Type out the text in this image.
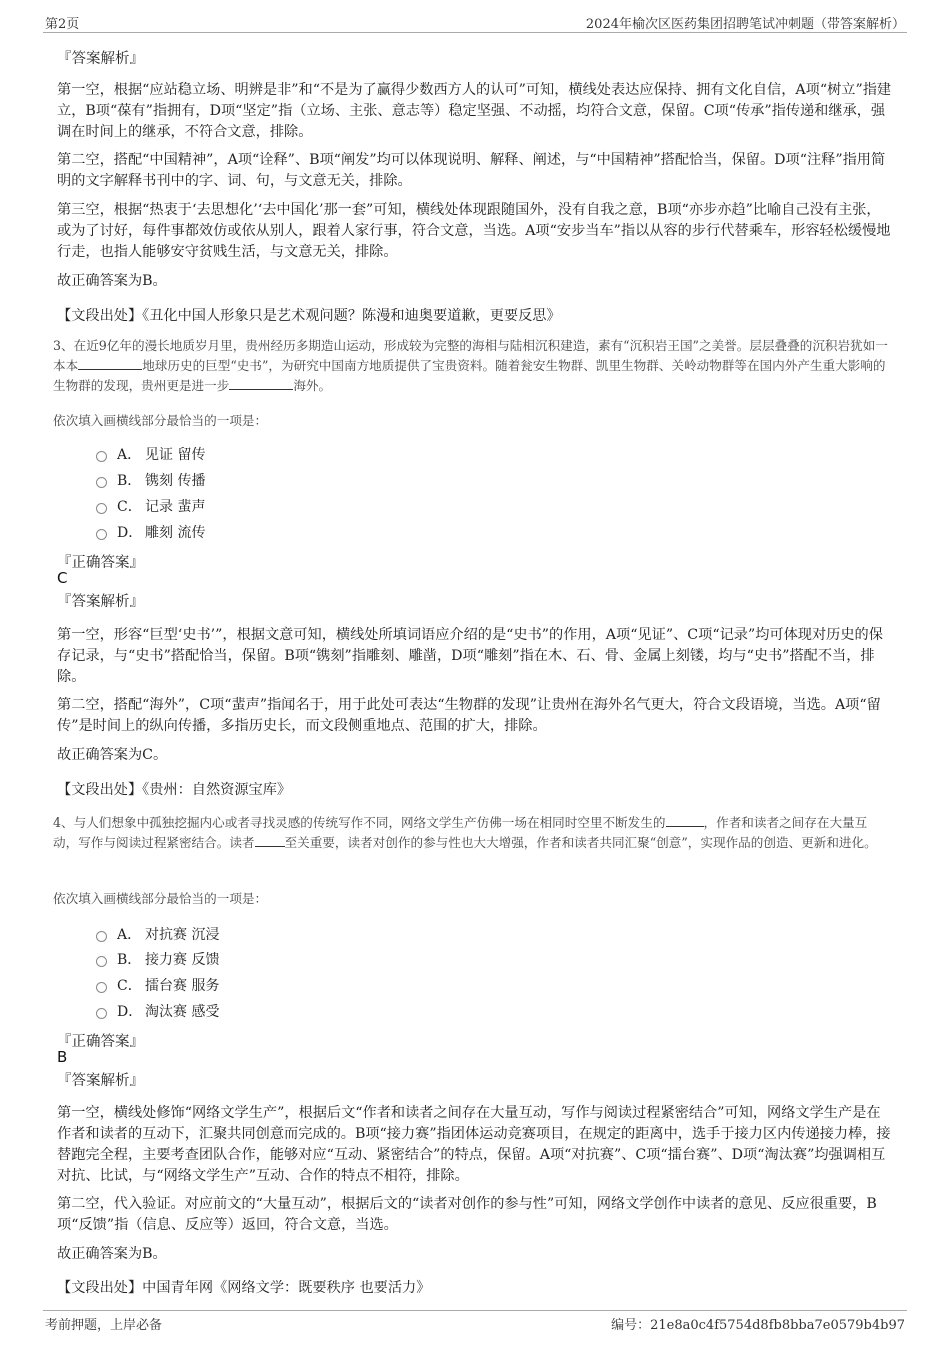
第2页	2024年榆次区医药集团招聘笔试冲刺题（带答案解析）
『答案解析』
第一空，根据“应站稳立场、明辨是非”和“不是为了赢得少数西方人的认可”可知，横线处表达应保持、拥有文化自信，A项“树立”指建立，B项“葆有”指拥有，D项“坚定”指（立场、主张、意志等）稳定坚强、不动摇，均符合文意，保留。C项“传承”指传递和继承，强调在时间上的继承，不符合文意，排除。
第二空，搭配“中国精神”，A项“诠释”、B项“阐发”均可以体现说明、解释、阐述，与“中国精神”搭配恰当，保留。D项“注释”指用简明的文字解释书刊中的字、词、句，与文意无关，排除。
第三空，根据“热衷于‘去思想化’‘去中国化’那一套”可知，横线处体现跟随国外，没有自我之意，B项“亦步亦趋”比喻自己没有主张，或为了讨好，每件事都效仿或依从别人，跟着人家行事，符合文意，当选。A项“安步当车”指以从容的步行代替乘车，形容轻松缓慢地行走，也指人能够安守贫贱生活，与文意无关，排除。
故正确答案为B。
【文段出处】《丑化中国人形象只是艺术观问题？陈漫和迪奥要道歉，更要反思》
3、在近9亿年的漫长地质岁月里，贵州经历多期造山运动，形成较为完整的海相与陆相沉积建造，素有“沉积岩王国”之美誉。层层叠叠的沉积岩犹如一本本	地球历史的巨型“史书”，为研究中国南方地质提供了宝贵资料。随着瓮安生物群、凯里生物群、关岭动物群等在国内外产生重大影响的生物群的发现，贵州更是进一步	海外。
依次填入画横线部分最恰当的一项是：
A． 见证 留传
B． 镌刻 传播
C． 记录 蜚声
D． 雕刻 流传
『正确答案』
C
『答案解析』
第一空，形容“巨型‘史书’”，根据文意可知，横线处所填词语应介绍的是“史书”的作用，A项“见证”、C项“记录”均可体现对历史的保存记录，与“史书”搭配恰当，保留。B项“镌刻”指雕刻、雕凿，D项“雕刻”指在木、石、骨、金属上刻镂，均与“史书”搭配不当，排除。
第二空，搭配“海外”，C项“蜚声”指闻名于，用于此处可表达“生物群的发现”让贵州在海外名气更大，符合文段语境，当选。A项“留传”是时间上的纵向传播，多指历史长，而文段侧重地点、范围的扩大，排除。
故正确答案为C。
【文段出处】《贵州：自然资源宝库》
4、与人们想象中孤独挖掘内心或者寻找灵感的传统写作不同，网络文学生产仿佛一场在相同时空里不断发生的	，作者和读者之间存在大量互动，写作与阅读过程紧密结合。读者 至关重要，读者对创作的参与性也大大增强，作者和读者共同汇聚“创意”，实现作品的创造、更新和进化。
依次填入画横线部分最恰当的一项是：
A． 对抗赛 沉浸
B． 接力赛 反馈
C． 擂台赛 服务
D． 淘汰赛 感受
『正确答案』
B
『答案解析』
第一空，横线处修饰“网络文学生产”，根据后文“作者和读者之间存在大量互动，写作与阅读过程紧密结合”可知，网络文学生产是在作者和读者的互动下，汇聚共同创意而完成的。B项“接力赛”指团体运动竞赛项目，在规定的距离中，选手于接力区内传递接力棒，接替跑完全程，主要考查团队合作，能够对应“互动、紧密结合”的特点，保留。A项“对抗赛”、C项“擂台赛”、D项“淘汰赛”均强调相互对抗、比试，与“网络文学生产”互动、合作的特点不相符，排除。
第二空，代入验证。对应前文的“大量互动”，根据后文的“读者对创作的参与性”可知，网络文学创作中读者的意见、反应很重要，B项“反馈”指（信息、反应等）返回，符合文意，当选。
故正确答案为B。
【文段出处】中国青年网《网络文学：既要秩序 也要活力》
考前押题，上岸必备	编号：21e8a0c4f5754d8fb8bba7e0579b4b97
